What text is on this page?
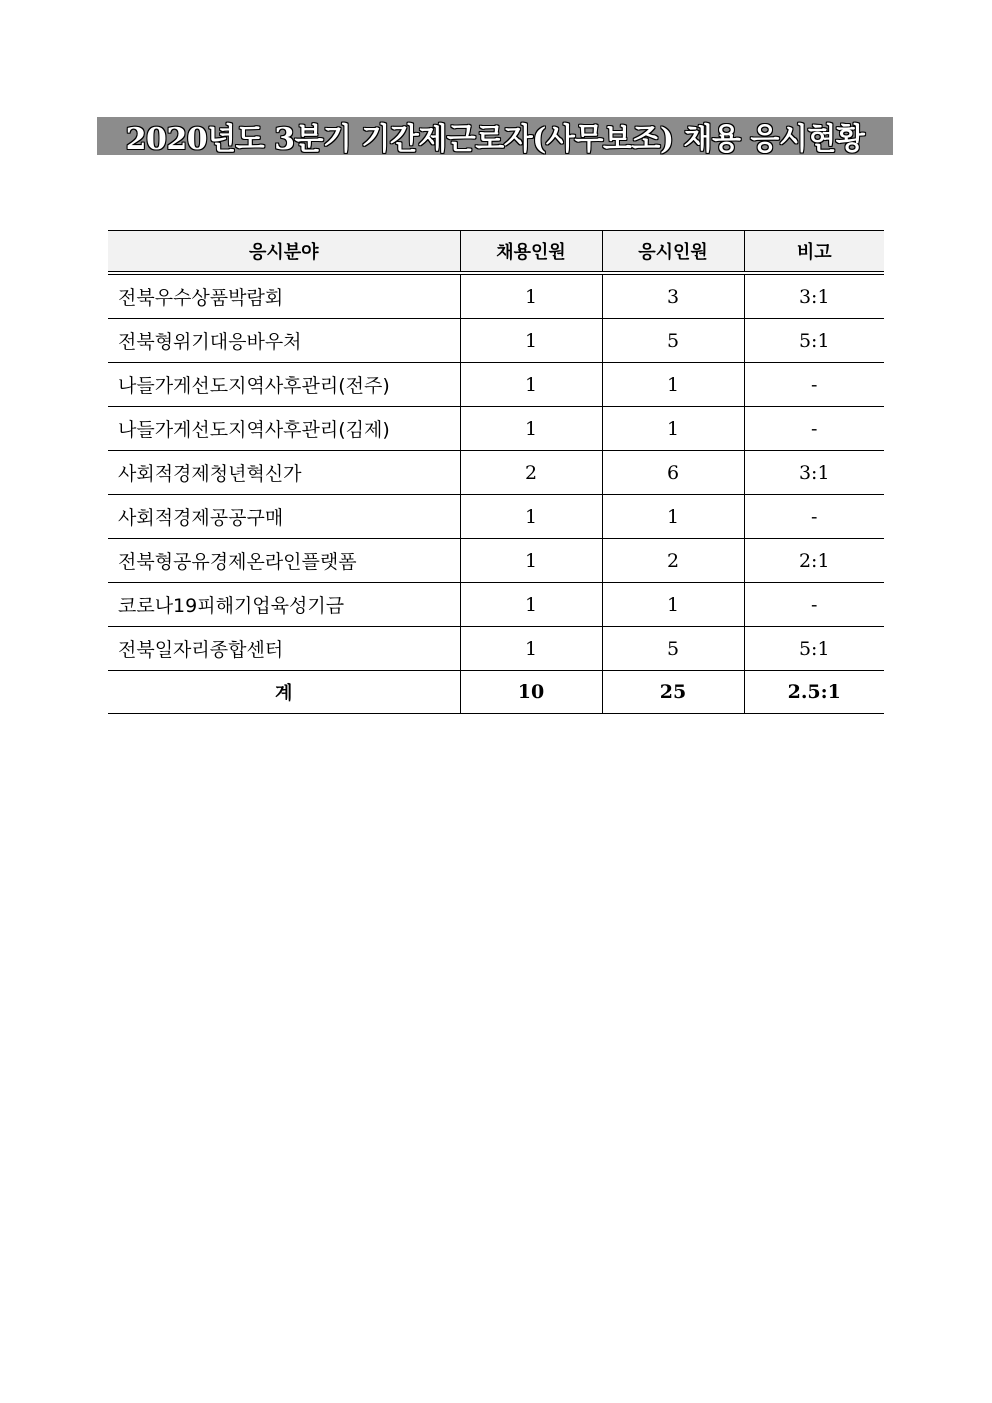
2020년도 3분기 기간제근로자(사무보조) 채용 응시현황
응시분야	채용인원	응시인원	비고
전북우수상품박람회	1	3	3:1
전북형위기대응바우처	1	5	5:1
나들가게선도지역사후관리(전주)	1	1	-
나들가게선도지역사후관리(김제)	1	1	-
사회적경제청년혁신가	2	6	3:1
사회적경제공공구매	1	1	-
전북형공유경제온라인플랫폼	1	2	2:1
코로나19피해기업육성기금	1	1	-
전북일자리종합센터	1	5	5:1
계	10	25	2.5:1
